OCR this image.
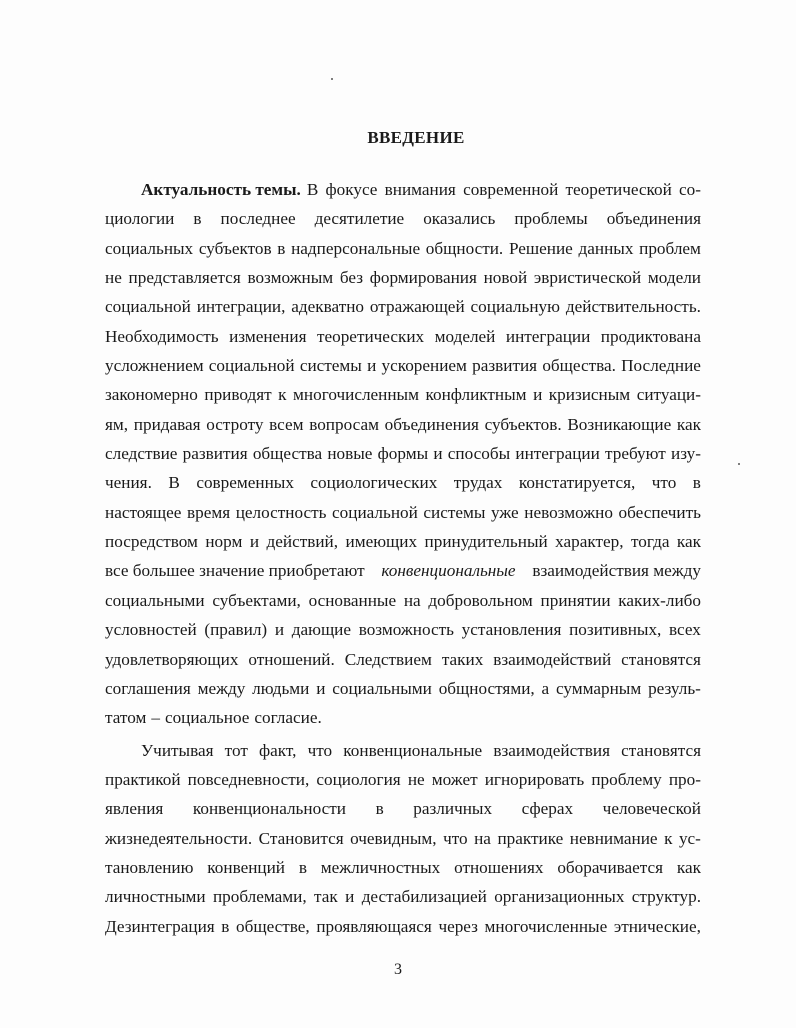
ВВЕДЕНИЕ
Актуальность темы. В фокусе внимания современной теоретической со-
циологии в последнее десятилетие оказались проблемы объединения
социальных субъектов в надперсональные общности. Решение данных проблем
не представляется возможным без формирования новой эвристической модели
социальной интеграции, адекватно отражающей социальную действительность.
Необходимость изменения теоретических моделей интеграции продиктована
усложнением социальной системы и ускорением развития общества. Последние
закономерно приводят к многочисленным конфликтным и кризисным ситуаци-
ям, придавая остроту всем вопросам объединения субъектов. Возникающие как
следствие развития общества новые формы и способы интеграции требуют изу-
чения. В современных социологических трудах констатируется, что в
настоящее время целостность социальной системы уже невозможно обеспечить
посредством норм и действий, имеющих принудительный характер, тогда как
все большее значение приобретают конвенциональные взаимодействия между
социальными субъектами, основанные на добровольном принятии каких-либо
условностей (правил) и дающие возможность установления позитивных, всех
удовлетворяющих отношений. Следствием таких взаимодействий становятся
соглашения между людьми и социальными общностями, а суммарным резуль-
татом – социальное согласие.
Учитывая тот факт, что конвенциональные взаимодействия становятся
практикой повседневности, социология не может игнорировать проблему про-
явления конвенциональности в различных сферах человеческой
жизнедеятельности. Становится очевидным, что на практике невнимание к ус-
тановлению конвенций в межличностных отношениях оборачивается как
личностными проблемами, так и дестабилизацией организационных структур.
Дезинтеграция в обществе, проявляющаяся через многочисленные этнические,
3
